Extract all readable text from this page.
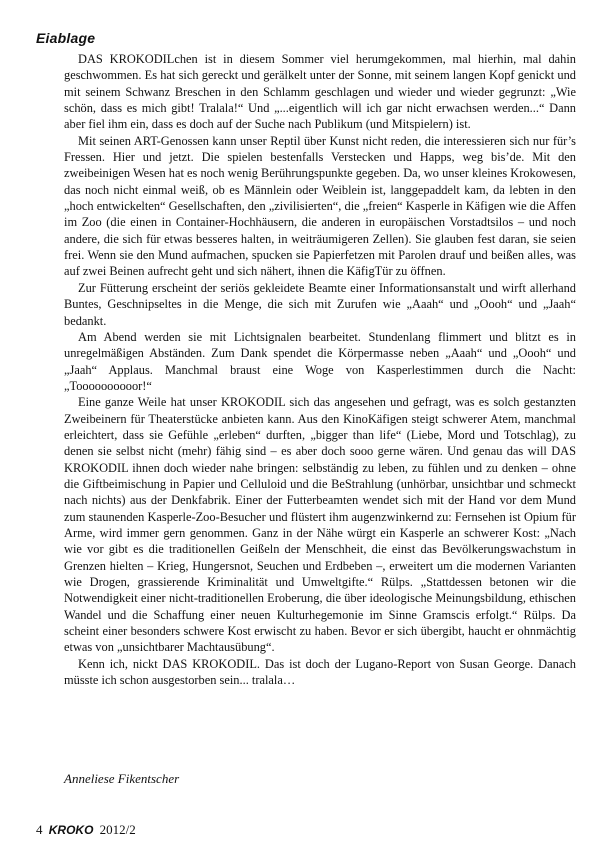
Eiablage

DAS KROKODILchen ist in diesem Sommer viel herumgekommen, mal hierhin, mal dahin geschwommen. Es hat sich gereckt und gerälkelt unter der Sonne, mit seinem langen Kopf genickt und mit seinem Schwanz Breschen in den Schlamm geschlagen und wieder und wieder gegrunzt: „Wie schön, dass es mich gibt! Tralala!“ Und „...eigentlich will ich gar nicht erwachsen werden...“ Dann aber fiel ihm ein, dass es doch auf der Suche nach Publikum (und Mitspielern) ist.

Mit seinen ART-Genossen kann unser Reptil über Kunst nicht reden, die interessieren sich nur für’s Fressen. Hier und jetzt. Die spielen bestenfalls Verstecken und Happs, weg bis’de. Mit den zweibeinigen Wesen hat es noch wenig Berührungspunkte gegeben. Da, wo unser kleines Krokowesen, das noch nicht einmal weiß, ob es Männlein oder Weiblein ist, langgepaddelt kam, da lebten in den „hoch entwickelten“ Gesellschaften, den „zivilisierten“, die „freien“ Kasperle in Käfigen wie die Affen im Zoo (die einen in Container-Hochhäusern, die anderen in europäischen Vorstadtsilos – und noch andere, die sich für etwas besseres halten, in weiträumigeren Zellen). Sie glauben fest daran, sie seien frei. Wenn sie den Mund aufmachen, spucken sie Papierfetzen mit Parolen drauf und beißen alles, was auf zwei Beinen aufrecht geht und sich nähert, ihnen die KäfigTür zu öffnen.

Zur Fütterung erscheint der seriös gekleidete Beamte einer Informationsanstalt und wirft allerhand Buntes, Geschnipseltes in die Menge, die sich mit Zurufen wie „Aaah“ und „Oooh“ und „Jaah“ bedankt.

Am Abend werden sie mit Lichtsignalen bearbeitet. Stundenlang flimmert und blitzt es in unregelmäßigen Abständen. Zum Dank spendet die Körpermasse neben „Aaah“ und „Oooh“ und „Jaah“ Applaus. Manchmal braust eine Woge von Kasperlestimmen durch die Nacht: „Toooooooooor!“

Eine ganze Weile hat unser KROKODIL sich das angesehen und gefragt, was es solch gestanzten Zweibeinern für Theaterstücke anbieten kann. Aus den KinoKäfigen steigt schwerer Atem, manchmal erleichtert, dass sie Gefühle „erleben“ durften, „bigger than life“ (Liebe, Mord und Totschlag), zu denen sie selbst nicht (mehr) fähig sind – es aber doch sooo gerne wären. Und genau das will DAS KROKODIL ihnen doch wieder nahe bringen: selbständig zu leben, zu fühlen und zu denken – ohne die Giftbeimischung in Papier und Celluloid und die BeStrahlung (unhörbar, unsichtbar und schmeckt nach nichts) aus der Denkfabrik. Einer der Futterbeamten wendet sich mit der Hand vor dem Mund zum staunenden Kasperle-Zoo-Besucher und flüstert ihm augenzwinkernd zu: Fernsehen ist Opium für Arme, wird immer gern genommen. Ganz in der Nähe würgt ein Kasperle an schwerer Kost: „Nach wie vor gibt es die traditionellen Geißeln der Menschheit, die einst das Bevölkerungswachstum in Grenzen hielten – Krieg, Hungersnot, Seuchen und Erdbeben –, erweitert um die modernen Varianten wie Drogen, grassierende Kriminalität und Umweltgifte.“ Rülps. „Stattdessen betonen wir die Notwendigkeit einer nicht-traditionellen Eroberung, die über ideologische Meinungsbildung, ethischen Wandel und die Schaffung einer neuen Kulturhegemonie im Sinne Gramscis erfolgt.“ Rülps. Da scheint einer besonders schwere Kost erwischt zu haben. Bevor er sich übergibt, haucht er ohnmächtig etwas von „unsichtbarer Machtausübung“.

Kenn ich, nickt DAS KROKODIL. Das ist doch der Lugano-Report von Susan George. Danach müsste ich schon ausgestorben sein... tralala…

Anneliese Fikentscher
4 KROKO 2012/2
